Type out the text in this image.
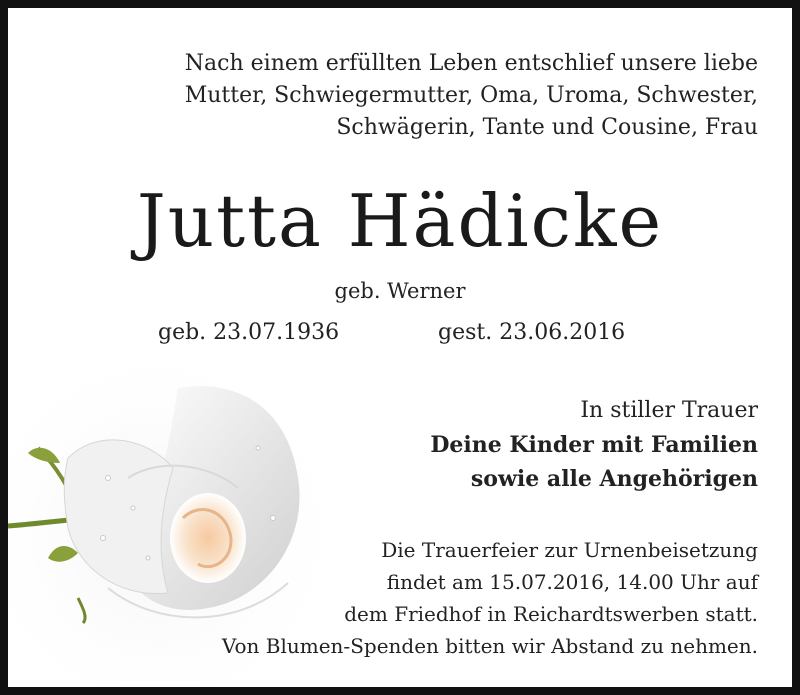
Nach einem erfüllten Leben entschlief unsere liebe
Mutter, Schwiegermutter, Oma, Uroma, Schwester,
Schwägerin, Tante und Cousine, Frau
Jutta Hädicke
geb. Werner
geb. 23.07.1936	gest. 23.06.2016
In stiller Trauer
Deine Kinder mit Familien
sowie alle Angehörigen
Die Trauerfeier zur Urnenbeisetzung
findet am 15.07.2016, 14.00 Uhr auf
dem Friedhof in Reichardtswerben statt.
Von Blumen-Spenden bitten wir Abstand zu nehmen.
